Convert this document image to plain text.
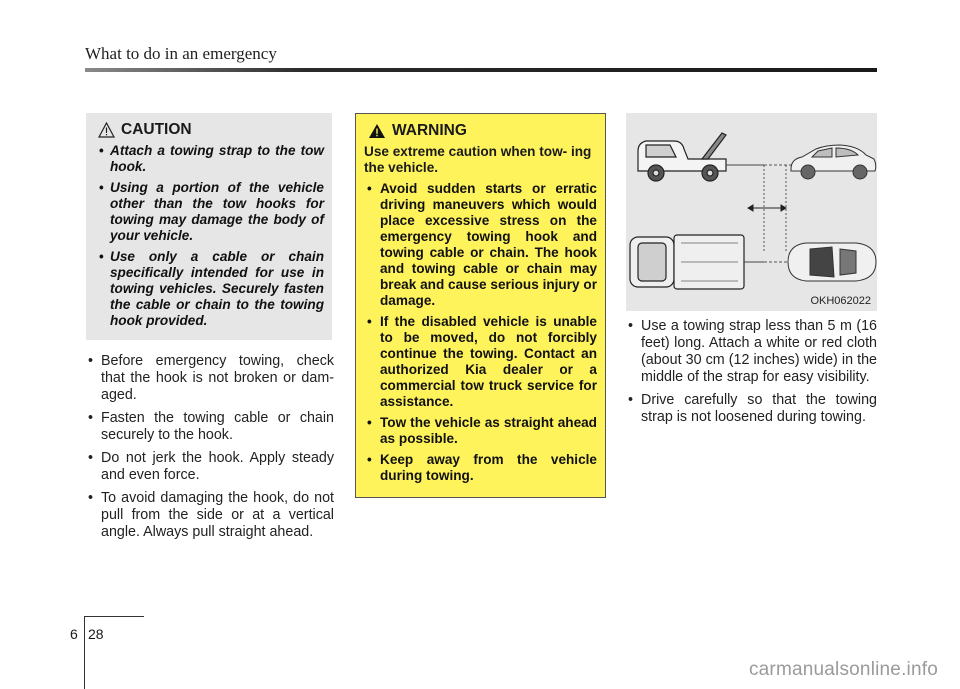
What to do in an emergency
CAUTION
• Attach a towing strap to the tow hook.
• Using a portion of the vehicle other than the tow hooks for towing may damage the body of your vehicle.
• Use only a cable or chain specifically intended for use in towing vehicles. Securely fasten the cable or chain to the towing hook provided.
• Before emergency towing, check that the hook is not broken or dam- aged.
• Fasten the towing cable or chain securely to the hook.
• Do not jerk the hook. Apply steady and even force.
• To avoid damaging the hook, do not pull from the side or at a vertical angle. Always pull straight ahead.
WARNING

Use extreme caution when tow- ing the vehicle.

• Avoid sudden starts or erratic driving maneuvers which would place excessive stress on the emergency towing hook and towing cable or chain. The hook and towing cable or chain may break and cause serious injury or damage.
• If the disabled vehicle is unable to be moved, do not forcibly continue the towing. Contact an authorized Kia dealer or a commercial tow truck service for assistance.
• Tow the vehicle as straight ahead as possible.
• Keep away from the vehicle during towing.
OKH062022
• Use a towing strap less than 5 m (16 feet) long. Attach a white or red cloth (about 30 cm (12 inches) wide) in the middle of the strap for easy visibility.
• Drive carefully so that the towing strap is not loosened during towing.
6 28
carmanualsonline.info
